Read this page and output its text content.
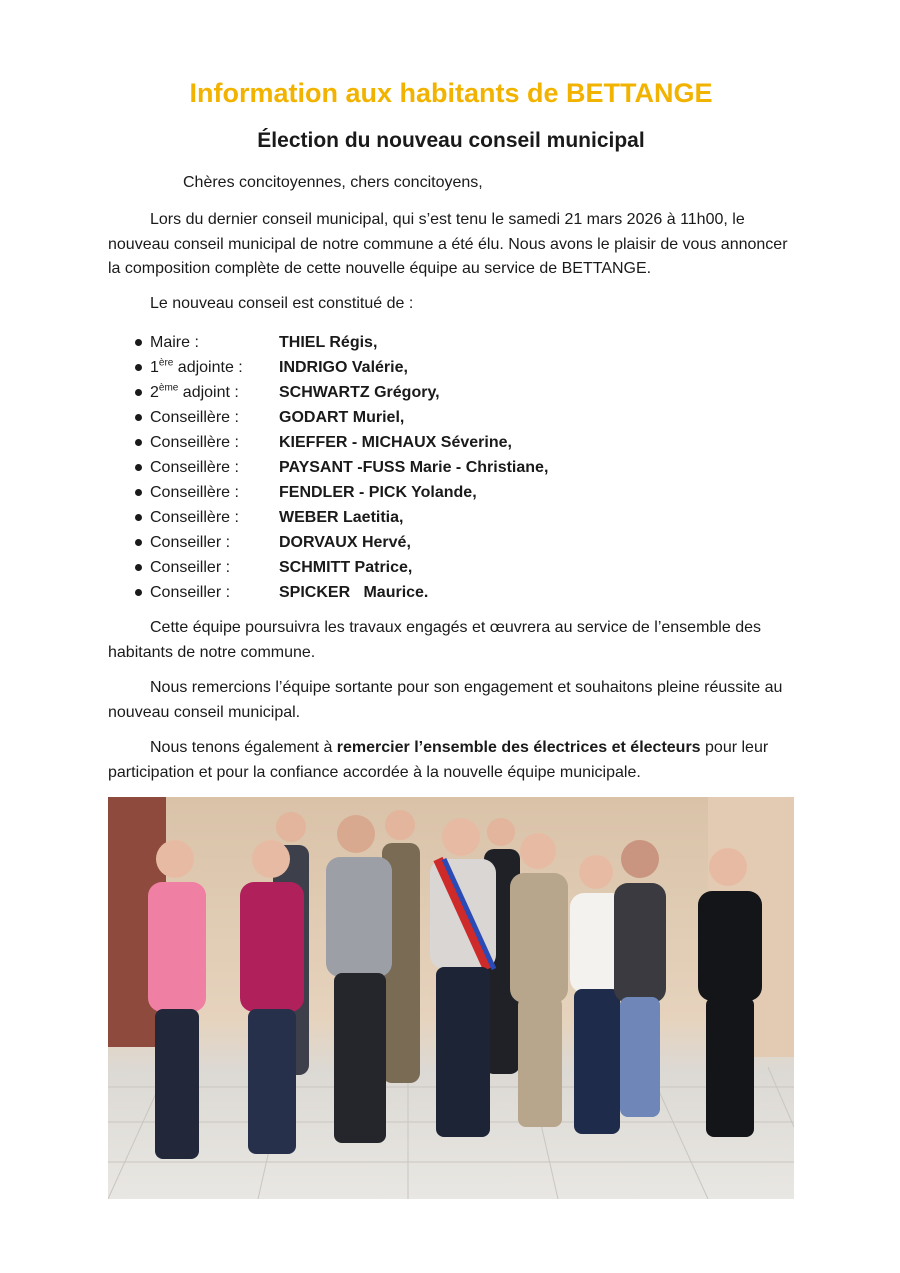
Information aux habitants de BETTANGE
Élection du nouveau conseil municipal

Chères concitoyennes, chers concitoyens,

Lors du dernier conseil municipal, qui s’est tenu le samedi 21 mars 2026 à 11h00, le nouveau conseil municipal de notre commune a été élu. Nous avons le plaisir de vous annoncer la composition complète de cette nouvelle équipe au service de BETTANGE.

Le nouveau conseil est constitué de :

Maire :	THIEL Régis,
1ère adjointe : INDRIGO Valérie,
2ème adjoint :	SCHWARTZ Grégory,
Conseillère :	GODART Muriel,
Conseillère :	KIEFFER - MICHAUX Séverine,
Conseillère :	PAYSANT -FUSS Marie - Christiane,
Conseillère :	FENDLER - PICK Yolande,
Conseillère :	WEBER Laetitia,
Conseiller :	DORVAUX Hervé,
Conseiller :	SCHMITT Patrice,
Conseiller :	SPICKER   Maurice.

Cette équipe poursuivra les travaux engagés et œuvrera au service de l’ensemble des habitants de notre commune.

Nous remercions l’équipe sortante pour son engagement et souhaitons pleine réussite au nouveau conseil municipal.

Nous tenons également à remercier l’ensemble des électrices et électeurs pour leur participation et pour la confiance accordée à la nouvelle équipe municipale.
